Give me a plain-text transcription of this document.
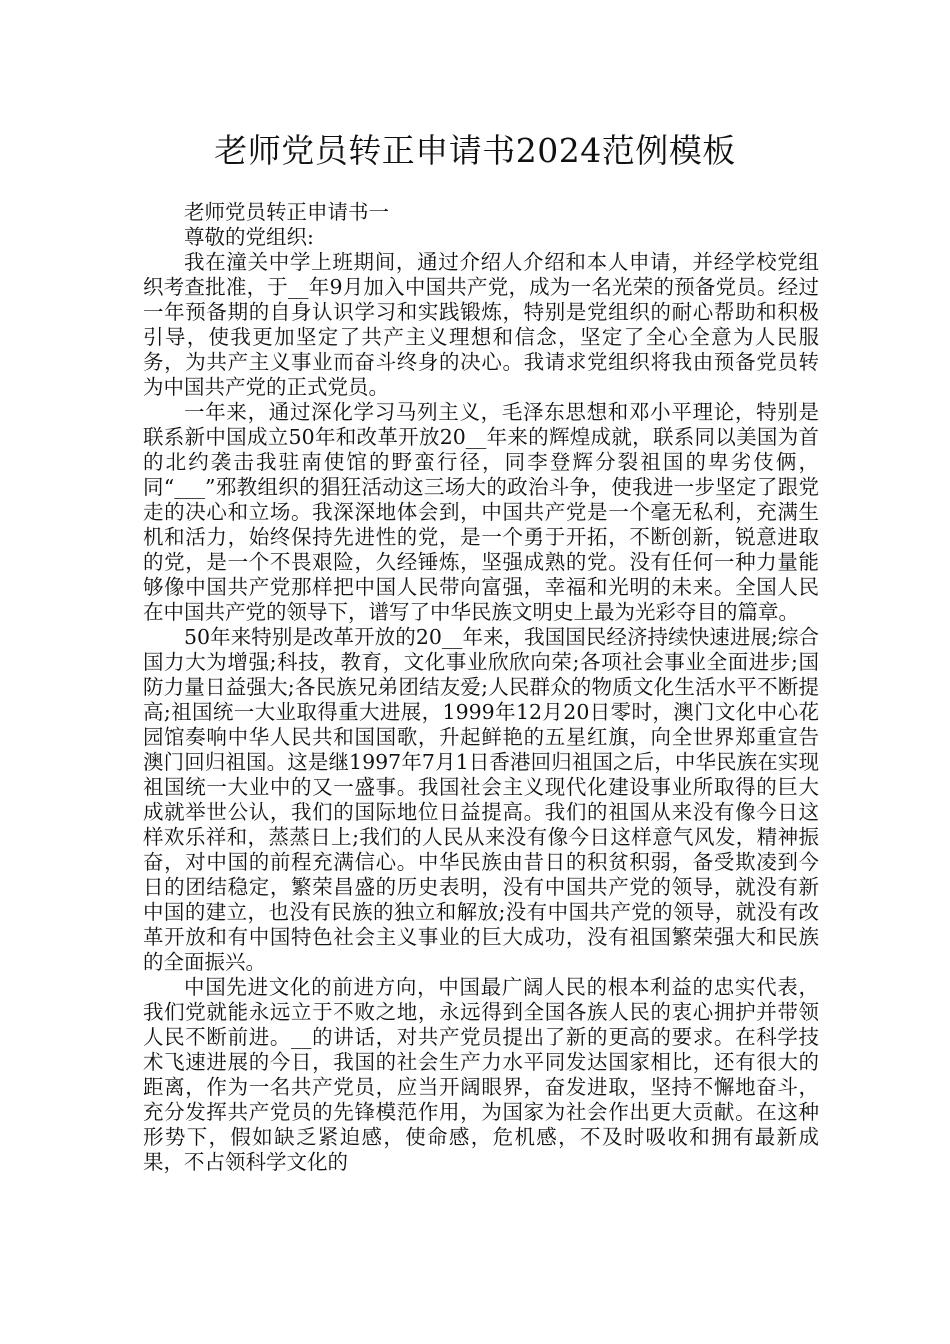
老师党员转正申请书2024范例模板

老师党员转正申请书一

尊敬的党组织:

我在潼关中学上班期间，通过介绍人介绍和本人申请，并经学校党组织考查批准，于__年9月加入中国共产党，成为一名光荣的预备党员。经过一年预备期的自身认识学习和实践锻炼，特别是党组织的耐心帮助和积极引导，使我更加坚定了共产主义理想和信念，坚定了全心全意为人民服务，为共产主义事业而奋斗终身的决心。我请求党组织将我由预备党员转为中国共产党的正式党员。

一年来，通过深化学习马列主义，毛泽东思想和邓小平理论，特别是联系新中国成立50年和改革开放20__年来的辉煌成就，联系同以美国为首的北约袭击我驻南使馆的野蛮行径，同李登辉分裂祖国的卑劣伎俩，同“___”邪教组织的猖狂活动这三场大的政治斗争，使我进一步坚定了跟党走的决心和立场。我深深地体会到，中国共产党是一个毫无私利，充满生机和活力，始终保持先进性的党，是一个勇于开拓，不断创新，锐意进取的党，是一个不畏艰险，久经锤炼，坚强成熟的党。没有任何一种力量能够像中国共产党那样把中国人民带向富强，幸福和光明的未来。全国人民在中国共产党的领导下，谱写了中华民族文明史上最为光彩夺目的篇章。

50年来特别是改革开放的20__年来，我国国民经济持续快速进展;综合国力大为增强;科技，教育，文化事业欣欣向荣;各项社会事业全面进步;国防力量日益强大;各民族兄弟团结友爱;人民群众的物质文化生活水平不断提高;祖国统一大业取得重大进展，1999年12月20日零时，澳门文化中心花园馆奏响中华人民共和国国歌，升起鲜艳的五星红旗，向全世界郑重宣告澳门回归祖国。这是继1997年7月1日香港回归祖国之后，中华民族在实现祖国统一大业中的又一盛事。我国社会主义现代化建设事业所取得的巨大成就举世公认，我们的国际地位日益提高。我们的祖国从来没有像今日这样欢乐祥和，蒸蒸日上;我们的人民从来没有像今日这样意气风发，精神振奋，对中国的前程充满信心。中华民族由昔日的积贫积弱，备受欺凌到今日的团结稳定，繁荣昌盛的历史表明，没有中国共产党的领导，就没有新中国的建立，也没有民族的独立和解放;没有中国共产党的领导，就没有改革开放和有中国特色社会主义事业的巨大成功，没有祖国繁荣强大和民族的全面振兴。

中国先进文化的前进方向，中国最广阔人民的根本利益的忠实代表，我们党就能永远立于不败之地，永远得到全国各族人民的衷心拥护并带领人民不断前进。__的讲话，对共产党员提出了新的更高的要求。在科学技术飞速进展的今日，我国的社会生产力水平同发达国家相比，还有很大的距离，作为一名共产党员，应当开阔眼界，奋发进取，坚持不懈地奋斗，充分发挥共产党员的先锋模范作用，为国家为社会作出更大贡献。在这种形势下，假如缺乏紧迫感，使命感，危机感，不及时吸收和拥有最新成果，不占领科学文化的
